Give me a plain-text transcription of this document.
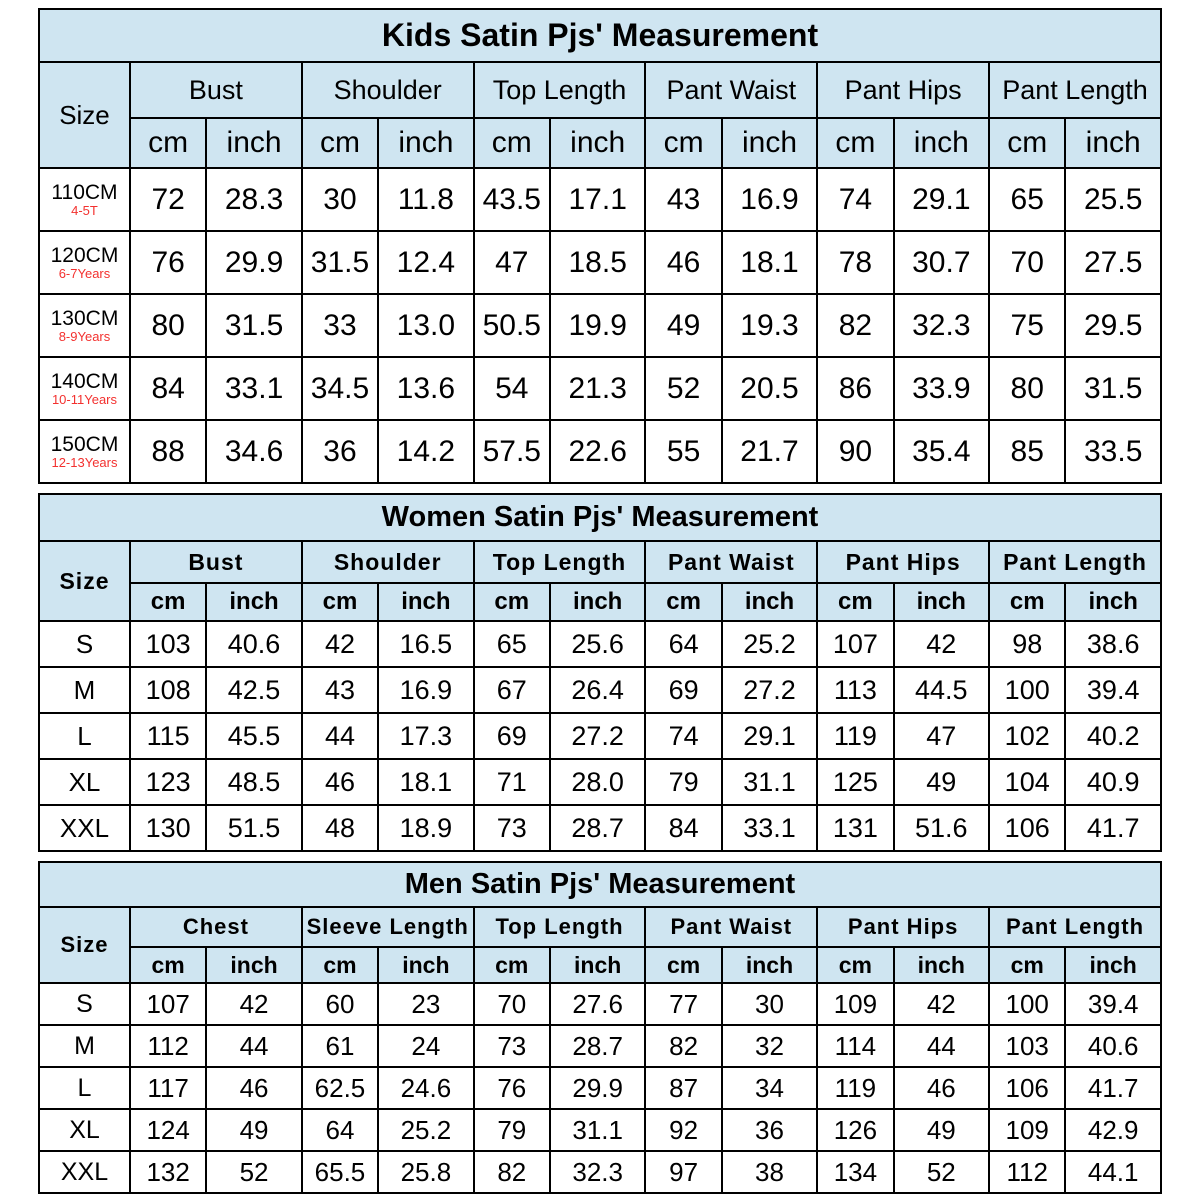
Kids Satin Pjs' Measurement
Size	Bust		Shoulder		Top Length		Pant Waist		Pant Hips		Pant Length	
	cm	inch	cm	inch	cm	inch	cm	inch	cm	inch	cm	inch

110CM
4-5T	72	28.3	30	11.8	43.5	17.1	43	16.9	74	29.1	65	25.5

120CM
6-7Years	76	29.9	31.5	12.4	47	18.5	46	18.1	78	30.7	70	27.5

130CM
8-9Years	80	31.5	33	13.0	50.5	19.9	49	19.3	82	32.3	75	29.5

140CM
10-11Years	84	33.1	34.5	13.6	54	21.3	52	20.5	86	33.9	80	31.5

150CM
12-13Years	88	34.6	36	14.2	57.5	22.6	55	21.7	90	35.4	85	33.5
Women Satin Pjs' Measurement
Size	Bust		Shoulder		Top Length		Pant Waist		Pant Hips		Pant Length	
	cm	inch	cm	inch	cm	inch	cm	inch	cm	inch	cm	inch

S	103	40.6	42	16.5	65	25.6	64	25.2	107	42	98	38.6

M	108	42.5	43	16.9	67	26.4	69	27.2	113	44.5	100	39.4

L	115	45.5	44	17.3	69	27.2	74	29.1	119	47	102	40.2

XL	123	48.5	46	18.1	71	28.0	79	31.1	125	49	104	40.9

XXL	130	51.5	48	18.9	73	28.7	84	33.1	131	51.6	106	41.7
Men Satin Pjs' Measurement
Size	Chest		Sleeve Length		Top Length		Pant Waist		Pant Hips		Pant Length	
	cm	inch	cm	inch	cm	inch	cm	inch	cm	inch	cm	inch

S	107	42	60	23	70	27.6	77	30	109	42	100	39.4

M	112	44	61	24	73	28.7	82	32	114	44	103	40.6

L	117	46	62.5	24.6	76	29.9	87	34	119	46	106	41.7

XL	124	49	64	25.2	79	31.1	92	36	126	49	109	42.9

XXL	132	52	65.5	25.8	82	32.3	97	38	134	52	112	44.1
